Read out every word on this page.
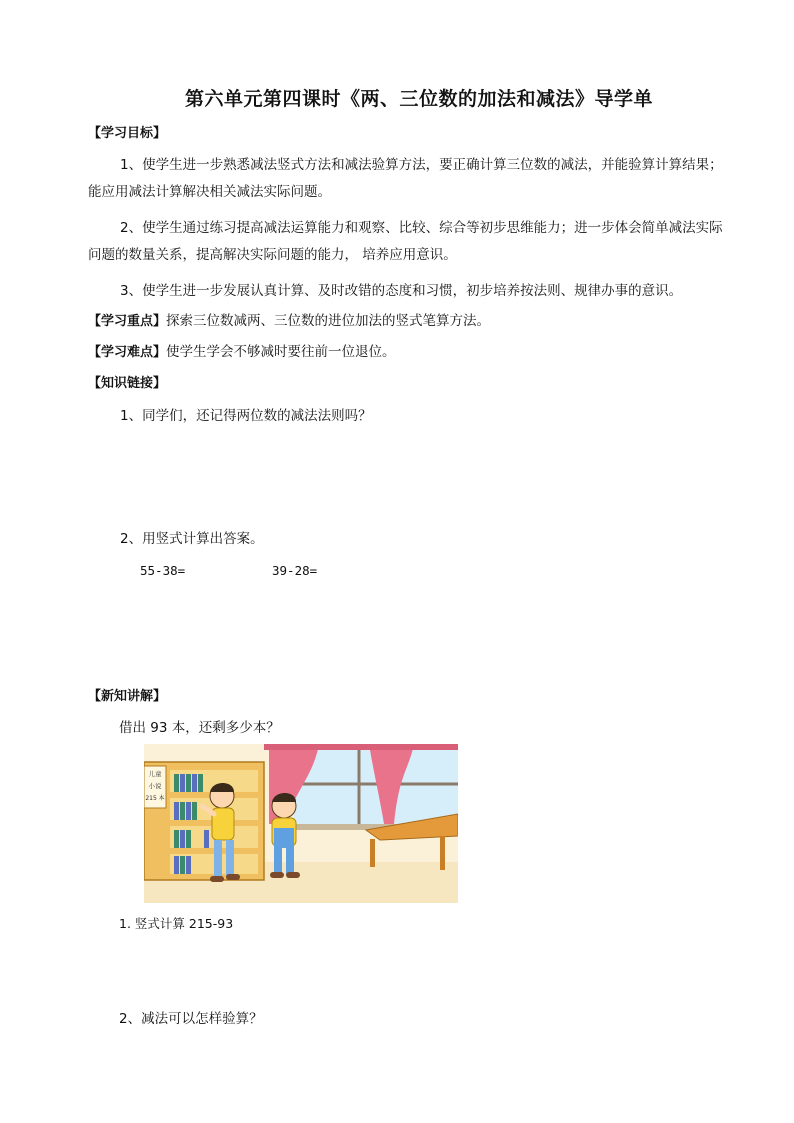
第六单元第四课时《两、三位数的加法和减法》导学单
【学习目标】
1、使学生进一步熟悉减法竖式方法和减法验算方法，要正确计算三位数的减法，并能验算计算结果；能应用减法计算解决相关减法实际问题。
2、使学生通过练习提高减法运算能力和观察、比较、综合等初步思维能力；进一步体会简单减法实际问题的数量关系，提高解决实际问题的能力， 培养应用意识。
3、使学生进一步发展认真计算、及时改错的态度和习惯，初步培养按法则、规律办事的意识。
【学习重点】探索三位数减两、三位数的进位加法的竖式笔算方法。
【学习难点】使学生学会不够减时要往前一位退位。
【知识链接】
1、同学们，还记得两位数的减法法则吗？
2、用竖式计算出答案。
55-38=	39-28=
【新知讲解】
借出 93 本，还剩多少本？
儿童
小说
215 本
1. 竖式计算 215-93
2、减法可以怎样验算？
